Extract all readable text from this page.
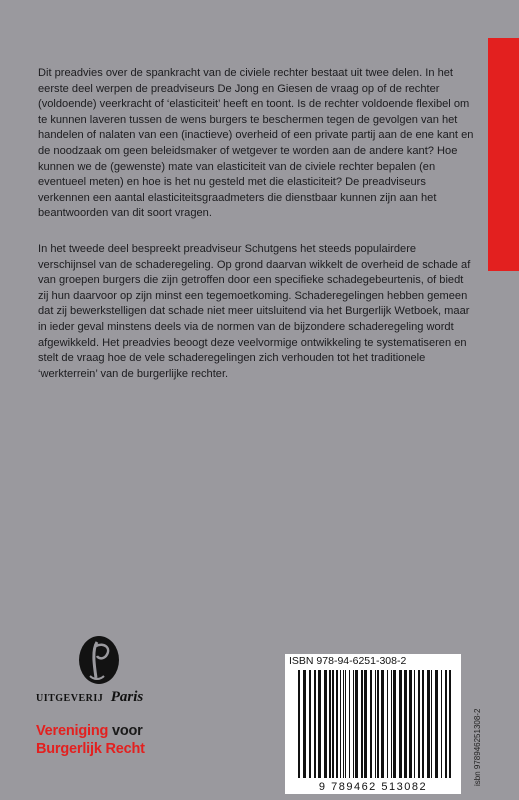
Dit preadvies over de spankracht van de civiele rechter bestaat uit twee delen. In het eerste deel werpen de preadviseurs De Jong en Giesen de vraag op of de rechter (voldoende) veerkracht of ‘elasticiteit’ heeft en toont. Is de rechter voldoende flexibel om te kunnen laveren tussen de wens burgers te beschermen tegen de gevolgen van het handelen of nalaten van een (inactieve) overheid of een private partij aan de ene kant en de noodzaak om geen beleidsmaker of wetgever te worden aan de andere kant? Hoe kunnen we de (gewenste) mate van elasticiteit van de civiele rechter bepalen (en eventueel meten) en hoe is het nu gesteld met die elasticiteit? De preadviseurs verkennen een aantal elasticiteitsgraadmeters die dienstbaar kunnen zijn aan het beantwoorden van dit soort vragen.

In het tweede deel bespreekt preadviseur Schutgens het steeds populairdere verschijnsel van de schaderegeling. Op grond daarvan wikkelt de overheid de schade af van groepen burgers die zijn getroffen door een specifieke schadegebeurtenis, of biedt zij hun daarvoor op zijn minst een tegemoetkoming. Schaderegelingen hebben gemeen dat zij bewerkstelligen dat schade niet meer uitsluitend via het Burgerlijk Wetboek, maar in ieder geval minstens deels via de normen van de bijzondere schaderegeling wordt afgewikkeld. Het preadvies beoogt deze veelvormige ontwikkeling te systematiseren en stelt de vraag hoe de vele schaderegelingen zich verhouden tot het traditionele ‘werkterrein’ van de burgerlijke rechter.

UITGEVERIJ Paris
Vereniging voor
Burgerlijk Recht
ISBN 978-94-6251-308-2
9 789462 513082
isbn 978946251308-2
